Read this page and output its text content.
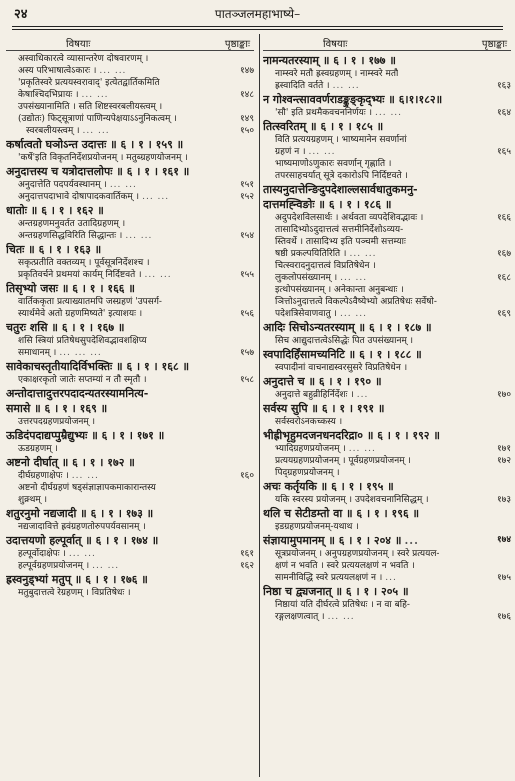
२४	पातञ्जलमहाभाष्ये–
विषयाः	पृष्ठाङ्काः
अस्वाधिकारत्वे व्यासान्तरेण दोषवारणम् ।
अस्य परिभाषात्वेऽकारः । ... ...	१४७
'प्रकृतिस्वरे प्रत्ययस्वरावाद्' इत्येतद्वार्तिकमिति
केषाश्चिदभिप्रायः । ... ...	१४८
उपसंख्यानामिति । सति शिष्टस्वरबलीयस्त्वम् ।
(उद्योतः) फिट्सूत्राणां पाणिन्यपेक्षयाऽऽनुनिकत्वम् ।	१४९
स्वरबलीयस्त्वम् । ... ...	१५०
कर्षात्वतो घञोऽन्त उदात्तः ॥ ६ । १ । १५९ ॥
'कर्षे'इति विकृतनिर्देशप्रयोजनम् । मतुब्ग्रहणयोजनम् ।
अनुदात्तस्य च यत्रोदात्तलोपः ॥ ६ । १ । १६१ ॥
अनुदात्तेति पदपर्यवस्थानम् । ... ...	१५१
अनुदात्तपदाभावे दोषापादकवार्तिकम् । ... ...	१५२
धातोः ॥ ६ । १ । १६२ ॥
अन्तग्रहणमनुवर्तत उतादिग्रहणम् ।
अन्तग्रहणसिद्धविरिति सिद्धान्तः । ... ...	१५४
चितः ॥ ६ । १ । १६३ ॥
सकृत्प्रतीति वक्तव्यम् । पूर्वसूत्रनिर्देशश्च ।
प्रकृतिवर्चने प्रथमयां कार्यम् निर्दिष्टवते । ... ...	१५५
तिसृभ्यो जसः ॥ ६ । १ । १६६ ॥
वार्तिककृता प्रत्याख्यातमपि जस्ग्रहणं 'उपसर्ग-
स्यार्थमेवे अतो ग्रहणमिष्यते' इत्याशयः ।	१५६
चतुरः शसि ॥ ६ । १ । १६७ ॥
शसि स्त्रियां प्रतिषेधसुपदेशिवद्भावशक्षिप्य
समाधानम् । ... ... ...	१५७
सावेकाचस्तृतीयादिर्विभक्तिः ॥ ६ । १ । १६८ ॥
एकाक्षरकृतो जातेः सप्तम्यां न तौ स्मृतौ ।	१५८
अन्तोदात्तादुत्तरपदादन्यतरस्यामनित्य-
समासे ॥ ६ । १ । १६९ ॥
उत्तरपदग्रहणप्रयोजनम् ।
ऊडिदंपदाद्यप्पुम्रैद्युभ्यः ॥ ६ । १ । १७१ ॥
ऊडग्रहणम् ।
अष्टनो दीर्घात् ॥ ६ । १ । १७२ ॥
दीर्घग्रहणाक्षेपः । ... ...	१६०
अष्टनो दीर्घग्रहणं षड्संज्ञाज्ञापकमाकारान्तस्य
शुक्र्थम् ।
शतुरनुमो नद्यजादी ॥ ६ । १ । १७३ ॥
नद्यजादावित्ते ह्रवंग्रहणतोरुपपर्यवसानम् ।
उदात्तयणो हल्पूर्वात् ॥ ६ । १ । १७४ ॥
हल्पूर्वोदाक्षेपः । ... ...	१६१
हल्पूर्वग्रहणप्रयोजनम् । ... ...	१६२
ह्रस्वनुड्भ्यां मतुप् ॥ ६ । १ । १७६ ॥
मतुबुदात्तत्वे रेग्रहणम् । विप्रतिषेधः ।
विषयाः	पृष्ठाङ्काः
नामन्यतरस्याम् ॥ ६ । १ । १७७ ॥
नाम्स्वरे मतौ ह्रस्वग्रहणम् । नाम्स्वरे मतौ
ह्रस्वादिति वर्तते । ... ...	१६३
न गोश्वन्त्साववर्णराडङ्कुङ्कृद्भ्यः ॥ ६।१।१८२॥
'सौ' इति प्रथमैकवचननिर्णयः । ... ...	१६४
तित्स्वरितम् ॥ ६ । १ । १८५ ॥
विति प्रत्ययग्रहणम् । भाष्यमानेन सवर्णानां
ग्रहणं न । ... ...	१६५
भाष्यमाणोऽणुकारः सवर्णान् गृह्णाति ।
तपरसाहचर्यात् सूत्रे दकारोऽपि निर्दिष्टवते ।
तास्यनुदात्तेन्ङिदुपदेशाल्लसार्वधातुकमनु-
दात्तमह्न्विङोः ॥ ६ । १ । १८६ ॥
अदुपदेशविलसार्थः । अर्थवता व्यपदेशिवद्भावः ।	१६६
तासादिभ्योऽदुदात्तत्वं सत्तमीनिर्देशोऽव्यय-
स्तिवर्थे । तासादिभ्य इति पञ्चमी सत्तम्याः
षष्ठी प्रकल्पयितिरिति । ... ...	१६७
चित्स्वरादनुदात्तत्वं विप्रतिषेधेन ।
लुकलोपसंख्यानम् । ... ...	१६८
इत्थोपसंख्यानम् । अनेकान्ता अनुबन्धाः ।
ञित्तोऽनुदात्तत्वे विकल्पेऽवैष्येभ्यो अप्रतिषेधः सर्वेषो-
पदेशत्रिसेवाणवातु । ... ...	१६९
आदिः सिचोऽन्यतरस्याम् ॥ ६ । १ । १८७ ॥
सिच आद्युदात्तत्वेऽसिद्धेः पित उपसंख्यानम् ।
स्वपादिर्हिंसामच्यनिटि ॥ ६ । १ । १८८ ॥
स्वपादीनां वाचनाद्यस्वरसुसरे विप्रतिषेधेन ।
अनुदात्ते च ॥ ६ । १ । १९० ॥
अनुदात्ते बहुव्रीहिर्निर्देशः । ...	१७०
सर्वस्य सुपि ॥ ६ । १ । १९१ ॥
सर्वस्वरोऽनकच्कस्य ।
भीह्रीभृहुमदजनधनदरिद्रा० ॥ ६ । १ । १९२ ॥
भ्यादिग्रहणप्रयोजनम् । ... ...	१७१
प्रत्ययग्रहणप्रयोजनम् । पूर्वग्रहणप्रयोजनम् ।	१७२
पिद्ग्रहणप्रयोजनम् ।
अचः कर्तृयकि ॥ ६ । १ । १९५ ॥
यकि स्वरस्य प्रयोजनम् । उपदेशवचनानिसिद्धम् ।	१७३
थलि च सेटीडम्तो वा ॥ ६ । १ । १९६ ॥
इडग्रहणप्रयोजनम्-यथाथ ।
संज्ञायामुपमानम् ॥ ६ । १ । २०४ ॥ ...	१७४
सूत्रप्रयोजनम् । अनुपग्रहणप्रयोजनम् । स्वरे प्रत्ययल-
क्षणं न भवति । स्वरे प्रत्ययलक्षणं न भवति ।
सामनीविद्धि स्वरे प्रत्ययलक्षणं न । ...	१७५
निष्ठा च द्व्यजनात् ॥ ६ । १ । २०५ ॥
निष्ठायां यति दीर्घरत्वे प्रतिषेधः । न वा बहि-
रङ्गलक्षणत्वात् । ... ...	१७६
